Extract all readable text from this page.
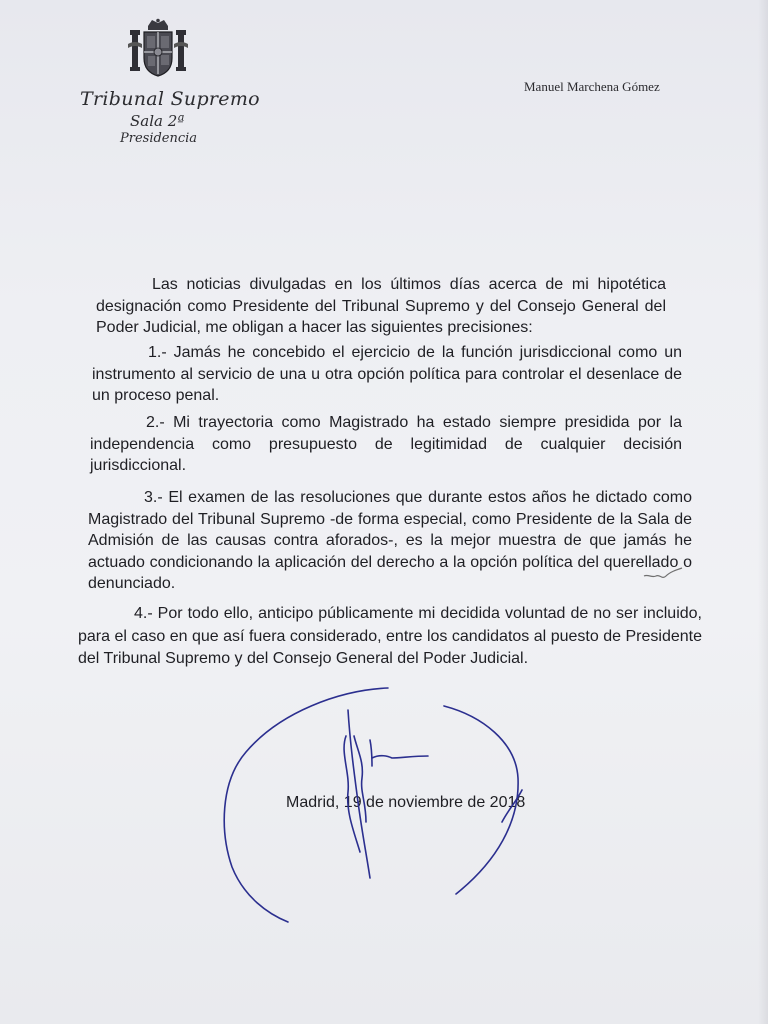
Tribunal Supremo
Sala 2ª
Presidencia
Manuel Marchena Gómez

Las noticias divulgadas en los últimos días acerca de mi hipotética designación como Presidente del Tribunal Supremo y del Consejo General del Poder Judicial, me obligan a hacer las siguientes precisiones:

1.- Jamás he concebido el ejercicio de la función jurisdiccional como un instrumento al servicio de una u otra opción política para controlar el desenlace de un proceso penal.

2.- Mi trayectoria como Magistrado ha estado siempre presidida por la independencia como presupuesto de legitimidad de cualquier decisión jurisdiccional.

3.- El examen de las resoluciones que durante estos años he dictado como Magistrado del Tribunal Supremo -de forma especial, como Presidente de la Sala de Admisión de las causas contra aforados-, es la mejor muestra de que jamás he actuado condicionando la aplicación del derecho a la opción política del querellado o denunciado.

4.- Por todo ello, anticipo públicamente mi decidida voluntad de no ser incluido, para el caso en que así fuera considerado, entre los candidatos al puesto de Presidente del Tribunal Supremo y del Consejo General del Poder Judicial.

Madrid, 19 de noviembre de 2018
